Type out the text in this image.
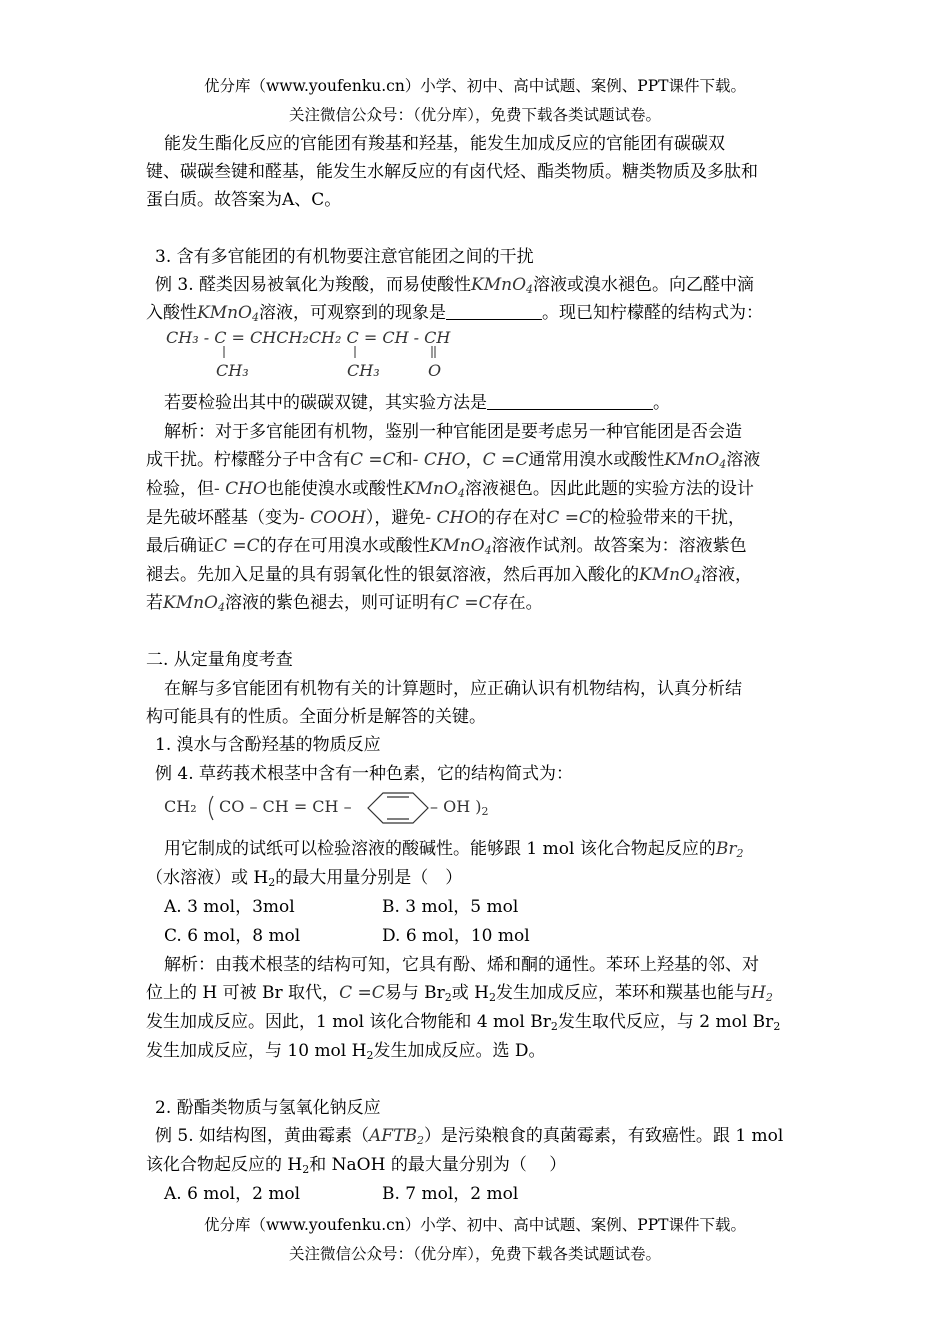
优分库（www.youfenku.cn）小学、初中、高中试题、案例、PPT课件下载。
关注微信公众号：（优分库），免费下载各类试题试卷。
能发生酯化反应的官能团有羧基和羟基，能发生加成反应的官能团有碳碳双
键、碳碳叁键和醛基，能发生水解反应的有卤代烃、酯类物质。糖类物质及多肽和
蛋白质。故答案为A、C。
3. 含有多官能团的有机物要注意官能团之间的干扰
例 3. 醛类因易被氧化为羧酸，而易使酸性KMnO$_4$溶液或溴水褪色。向乙醛中滴
入酸性KMnO$_4$溶液，可观察到的现象是	。现已知柠檬醛的结构式为：
CH₃ - C = CHCH₂CH₂ C = CH - CH
CH₃	CH₃	O
若要检验出其中的碳碳双键，其实验方法是	。
解析：对于多官能团有机物，鉴别一种官能团是要考虑另一种官能团是否会造
成干扰。柠檬醛分子中含有C =C和- CHO，C =C通常用溴水或酸性KMnO$_4$溶液
检验，但- CHO也能使溴水或酸性KMnO$_4$溶液褪色。因此此题的实验方法的设计
是先破坏醛基（变为- COOH），避免- CHO的存在对C =C的检验带来的干扰，
最后确证C =C的存在可用溴水或酸性KMnO$_4$溶液作试剂。故答案为：溶液紫色
褪去。先加入足量的具有弱氧化性的银氨溶液，然后再加入酸化的KMnO$_4$溶液，
若KMnO$_4$溶液的紫色褪去，则可证明有C =C存在。
二. 从定量角度考查
在解与多官能团有机物有关的计算题时，应正确认识有机物结构，认真分析结
构可能具有的性质。全面分析是解答的关键。
1. 溴水与含酚羟基的物质反应
例 4. 草药莪术根茎中含有一种色素，它的结构简式为：
CH₂ CO – CH = CH –	– OH )$_2$
用它制成的试纸可以检验溶液的酸碱性。能够跟 1 mol 该化合物起反应的$Br_2$
（水溶液）或 $H_2$的最大用量分别是（　）
A. 3 mol，3mol	B. 3 mol，5 mol
C. 6 mol，8 mol	D. 6 mol，10 mol
解析：由莪术根茎的结构可知，它具有酚、烯和酮的通性。苯环上羟基的邻、对
位上的 H 可被 Br 取代，C =C易与 $Br_2$或 $H_2$发生加成反应，苯环和羰基也能与$H_2$
发生加成反应。因此，1 mol 该化合物能和 4 mol $Br_2$发生取代反应，与 2 mol $Br_2$
发生加成反应，与 10 mol $H_2$发生加成反应。选 D。
2. 酚酯类物质与氢氧化钠反应
例 5. 如结构图，黄曲霉素$(AFTB_2)$是污染粮食的真菌霉素，有致癌性。跟 1 mol
该化合物起反应的 $H_2$和 NaOH 的最大量分别为（　 ）
A. 6 mol，2 mol	B. 7 mol，2 mol
优分库（www.youfenku.cn）小学、初中、高中试题、案例、PPT课件下载。
关注微信公众号：（优分库），免费下载各类试题试卷。
